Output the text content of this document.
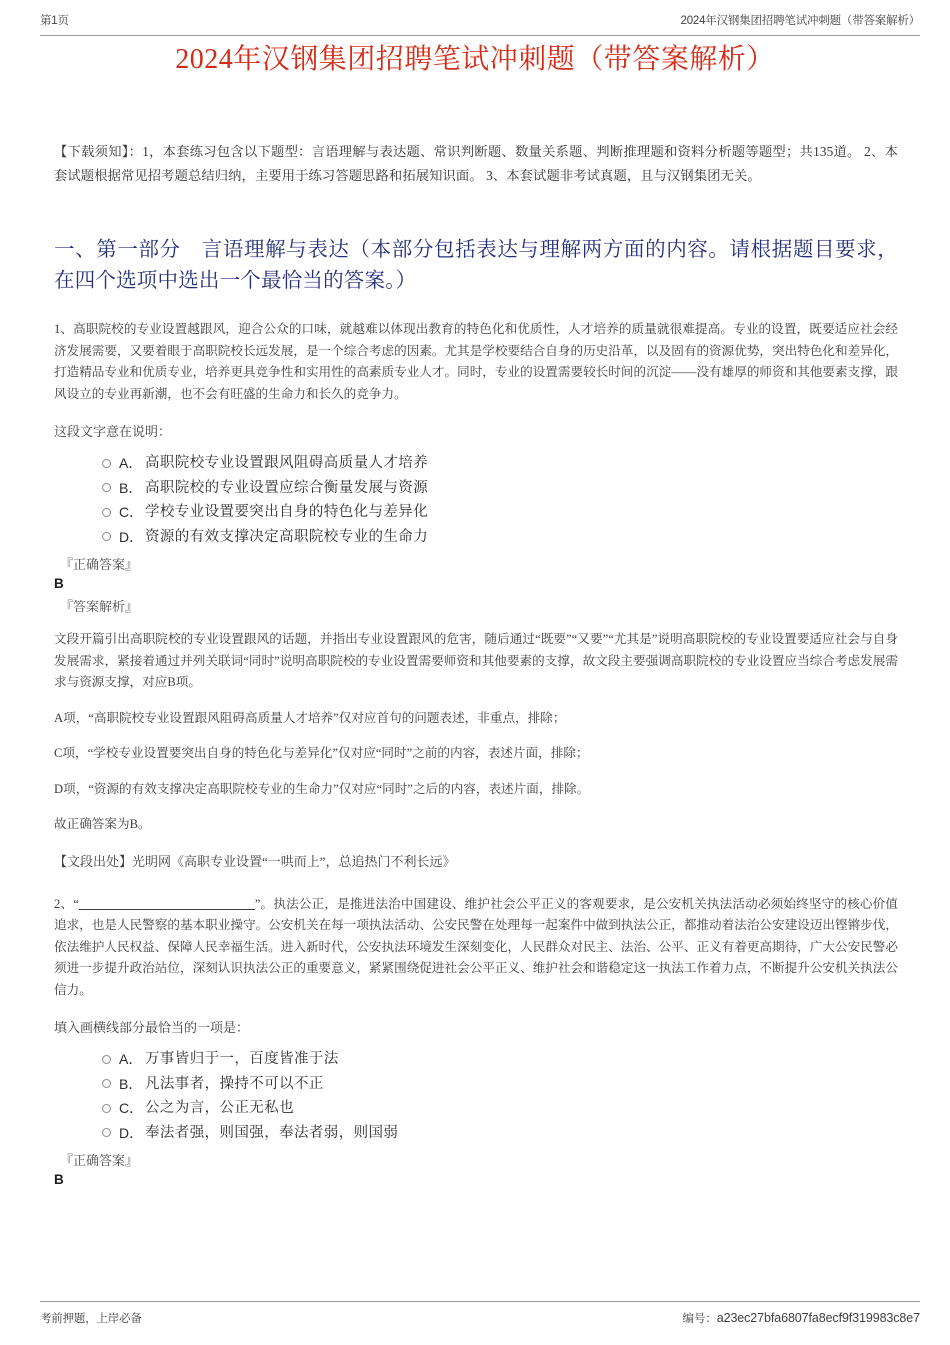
第1页	2024年汉钢集团招聘笔试冲刺题（带答案解析）
2024年汉钢集团招聘笔试冲刺题（带答案解析）

【下载须知】：1，本套练习包含以下题型：言语理解与表达题、常识判断题、数量关系题、判断推理题和资料分析题等题型；共135道。 2、本套试题根据常见招考题总结归纳，主要用于练习答题思路和拓展知识面。 3、本套试题非考试真题，且与汉钢集团无关。

一、第一部分　言语理解与表达（本部分包括表达与理解两方面的内容。请根据题目要求，在四个选项中选出一个最恰当的答案。）

1、高职院校的专业设置越跟风，迎合公众的口味，就越难以体现出教育的特色化和优质性，人才培养的质量就很难提高。专业的设置，既要适应社会经济发展需要，又要着眼于高职院校长远发展，是一个综合考虑的因素。尤其是学校要结合自身的历史沿革，以及固有的资源优势，突出特色化和差异化，打造精品专业和优质专业，培养更具竞争性和实用性的高素质专业人才。同时，专业的设置需要较长时间的沉淀——没有雄厚的师资和其他要素支撑，跟风设立的专业再新潮，也不会有旺盛的生命力和长久的竞争力。

这段文字意在说明：

A． 高职院校专业设置跟风阻碍高质量人才培养
B． 高职院校的专业设置应综合衡量发展与资源
C． 学校专业设置要突出自身的特色化与差异化
D． 资源的有效支撑决定高职院校专业的生命力

『正确答案』

B

『答案解析』

文段开篇引出高职院校的专业设置跟风的话题，并指出专业设置跟风的危害，随后通过“既要”“又要”“尤其是”说明高职院校的专业设置要适应社会与自身发展需求，紧接着通过并列关联词“同时”说明高职院校的专业设置需要师资和其他要素的支撑，故文段主要强调高职院校的专业设置应当综合考虑发展需求与资源支撑，对应B项。

A项，“高职院校专业设置跟风阻碍高质量人才培养”仅对应首句的问题表述，非重点，排除；

C项，“学校专业设置要突出自身的特色化与差异化”仅对应“同时”之前的内容，表述片面，排除；

D项，“资源的有效支撑决定高职院校专业的生命力”仅对应“同时”之后的内容，表述片面，排除。

故正确答案为B。

【文段出处】光明网《高职专业设置“一哄而上”，总追热门不利长远》

2、“	”。执法公正，是推进法治中国建设、维护社会公平正义的客观要求，是公安机关执法活动必须始终坚守的核心价值追求，也是人民警察的基本职业操守。公安机关在每一项执法活动、公安民警在处理每一起案件中做到执法公正，都推动着法治公安建设迈出铿锵步伐，依法维护人民权益、保障人民幸福生活。进入新时代，公安执法环境发生深刻变化，人民群众对民主、法治、公平、正义有着更高期待，广大公安民警必须进一步提升政治站位，深刻认识执法公正的重要意义，紧紧围绕促进社会公平正义、维护社会和谐稳定这一执法工作着力点，不断提升公安机关执法公信力。

填入画横线部分最恰当的一项是：

A． 万事皆归于一，百度皆准于法
B． 凡法事者，操持不可以不正
C． 公之为言，公正无私也
D． 奉法者强，则国强，奉法者弱，则国弱

『正确答案』

B

考前押题，上岸必备	编号：a23ec27bfa6807fa8ecf9f319983c8e7
